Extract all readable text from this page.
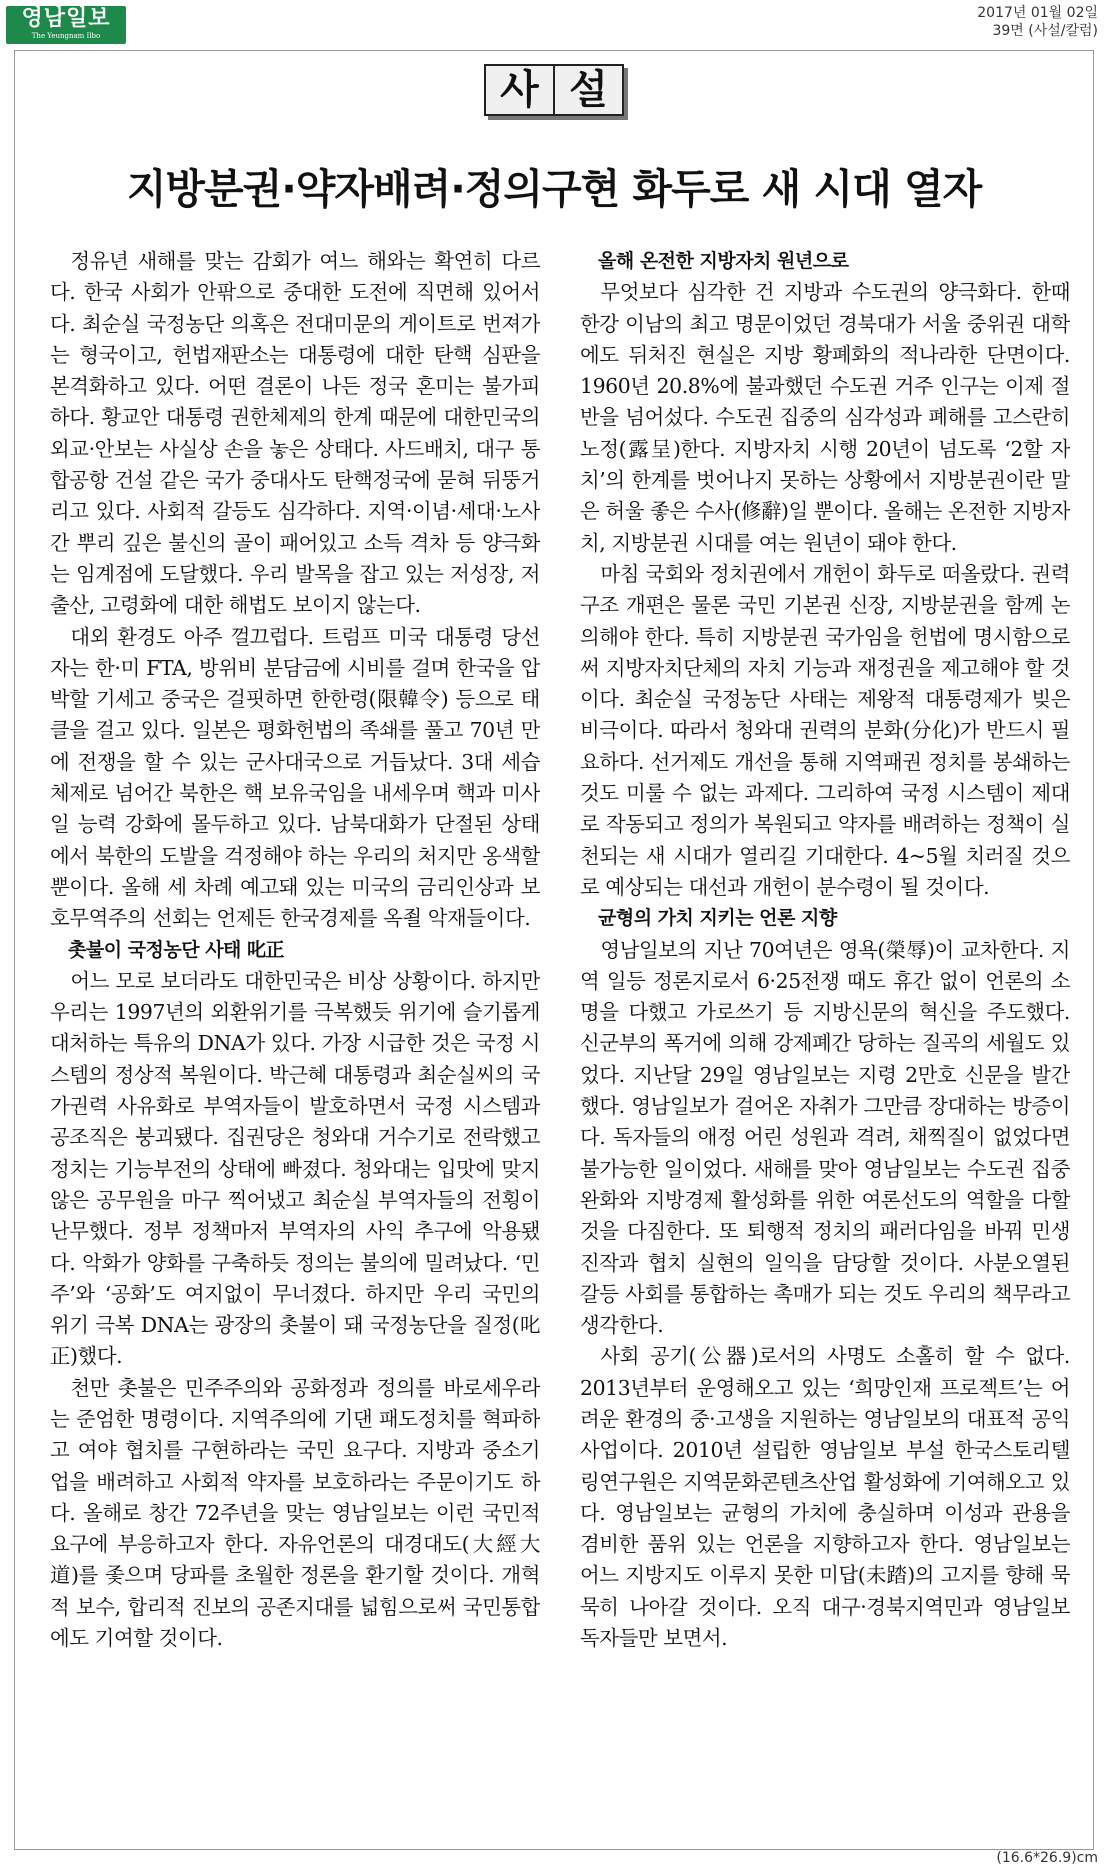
영남일보
The Yeungnam Ilbo
2017년 01월 02일
39면 (사설/칼럼)
사 설
지방분권·약자배려·정의구현 화두로 새 시대 열자

정유년 새해를 맞는 감회가 여느 해와는 확연히 다르다. 한국 사회가 안팎으로 중대한 도전에 직면해 있어서다. 최순실 국정농단 의혹은 전대미문의 게이트로 번져가는 형국이고, 헌법재판소는 대통령에 대한 탄핵 심판을 본격화하고 있다. 어떤 결론이 나든 정국 혼미는 불가피하다. 황교안 대통령 권한체제의 한계 때문에 대한민국의 외교·안보는 사실상 손을 놓은 상태다. 사드배치, 대구 통합공항 건설 같은 국가 중대사도 탄핵정국에 묻혀 뒤뚱거리고 있다. 사회적 갈등도 심각하다. 지역·이념·세대·노사 간 뿌리 깊은 불신의 골이 패어있고 소득 격차 등 양극화는 임계점에 도달했다. 우리 발목을 잡고 있는 저성장, 저출산, 고령화에 대한 해법도 보이지 않는다.

대외 환경도 아주 껄끄럽다. 트럼프 미국 대통령 당선자는 한·미 FTA, 방위비 분담금에 시비를 걸며 한국을 압박할 기세고 중국은 걸핏하면 한한령(限韓令) 등으로 태클을 걸고 있다. 일본은 평화헌법의 족쇄를 풀고 70년 만에 전쟁을 할 수 있는 군사대국으로 거듭났다. 3대 세습체제로 넘어간 북한은 핵 보유국임을 내세우며 핵과 미사일 능력 강화에 몰두하고 있다. 남북대화가 단절된 상태에서 북한의 도발을 걱정해야 하는 우리의 처지만 옹색할 뿐이다. 올해 세 차례 예고돼 있는 미국의 금리인상과 보호무역주의 선회는 언제든 한국경제를 옥죌 악재들이다.

촛불이 국정농단 사태 叱正

어느 모로 보더라도 대한민국은 비상 상황이다. 하지만 우리는 1997년의 외환위기를 극복했듯 위기에 슬기롭게 대처하는 특유의 DNA가 있다. 가장 시급한 것은 국정 시스템의 정상적 복원이다. 박근혜 대통령과 최순실씨의 국가권력 사유화로 부역자들이 발호하면서 국정 시스템과 공조직은 붕괴됐다. 집권당은 청와대 거수기로 전락했고 정치는 기능부전의 상태에 빠졌다. 청와대는 입맛에 맞지 않은 공무원을 마구 찍어냈고 최순실 부역자들의 전횡이 난무했다. 정부 정책마저 부역자의 사익 추구에 악용됐다. 악화가 양화를 구축하듯 정의는 불의에 밀려났다. ‘민주’와 ‘공화’도 여지없이 무너졌다. 하지만 우리 국민의 위기 극복 DNA는 광장의 촛불이 돼 국정농단을 질정(叱正)했다.

천만 촛불은 민주주의와 공화정과 정의를 바로세우라는 준엄한 명령이다. 지역주의에 기댄 패도정치를 혁파하고 여야 협치를 구현하라는 국민 요구다. 지방과 중소기업을 배려하고 사회적 약자를 보호하라는 주문이기도 하다. 올해로 창간 72주년을 맞는 영남일보는 이런 국민적 요구에 부응하고자 한다. 자유언론의 대경대도(大經大道)를 좇으며 당파를 초월한 정론을 환기할 것이다. 개혁적 보수, 합리적 진보의 공존지대를 넓힘으로써 국민통합에도 기여할 것이다.

올해 온전한 지방자치 원년으로

무엇보다 심각한 건 지방과 수도권의 양극화다. 한때 한강 이남의 최고 명문이었던 경북대가 서울 중위권 대학에도 뒤처진 현실은 지방 황폐화의 적나라한 단면이다. 1960년 20.8%에 불과했던 수도권 거주 인구는 이제 절반을 넘어섰다. 수도권 집중의 심각성과 폐해를 고스란히 노정(露呈)한다. 지방자치 시행 20년이 넘도록 ‘2할 자치’의 한계를 벗어나지 못하는 상황에서 지방분권이란 말은 허울 좋은 수사(修辭)일 뿐이다. 올해는 온전한 지방자치, 지방분권 시대를 여는 원년이 돼야 한다.

마침 국회와 정치권에서 개헌이 화두로 떠올랐다. 권력구조 개편은 물론 국민 기본권 신장, 지방분권을 함께 논의해야 한다. 특히 지방분권 국가임을 헌법에 명시함으로써 지방자치단체의 자치 기능과 재정권을 제고해야 할 것이다. 최순실 국정농단 사태는 제왕적 대통령제가 빚은 비극이다. 따라서 청와대 권력의 분화(分化)가 반드시 필요하다. 선거제도 개선을 통해 지역패권 정치를 봉쇄하는 것도 미룰 수 없는 과제다. 그리하여 국정 시스템이 제대로 작동되고 정의가 복원되고 약자를 배려하는 정책이 실천되는 새 시대가 열리길 기대한다. 4~5월 치러질 것으로 예상되는 대선과 개헌이 분수령이 될 것이다.

균형의 가치 지키는 언론 지향

영남일보의 지난 70여년은 영욕(榮辱)이 교차한다. 지역 일등 정론지로서 6·25전쟁 때도 휴간 없이 언론의 소명을 다했고 가로쓰기 등 지방신문의 혁신을 주도했다. 신군부의 폭거에 의해 강제폐간 당하는 질곡의 세월도 있었다. 지난달 29일 영남일보는 지령 2만호 신문을 발간했다. 영남일보가 걸어온 자취가 그만큼 장대하는 방증이다. 독자들의 애정 어린 성원과 격려, 채찍질이 없었다면 불가능한 일이었다. 새해를 맞아 영남일보는 수도권 집중 완화와 지방경제 활성화를 위한 여론선도의 역할을 다할 것을 다짐한다. 또 퇴행적 정치의 패러다임을 바꿔 민생 진작과 협치 실현의 일익을 담당할 것이다. 사분오열된 갈등 사회를 통합하는 촉매가 되는 것도 우리의 책무라고 생각한다.

사회 공기(公器)로서의 사명도 소홀히 할 수 없다. 2013년부터 운영해오고 있는 ‘희망인재 프로젝트’는 어려운 환경의 중·고생을 지원하는 영남일보의 대표적 공익사업이다. 2010년 설립한 영남일보 부설 한국스토리텔링연구원은 지역문화콘텐츠산업 활성화에 기여해오고 있다. 영남일보는 균형의 가치에 충실하며 이성과 관용을 겸비한 품위 있는 언론을 지향하고자 한다. 영남일보는 어느 지방지도 이루지 못한 미답(未踏)의 고지를 향해 묵묵히 나아갈 것이다. 오직 대구·경북지역민과 영남일보 독자들만 보면서.

(16.6*26.9)cm
